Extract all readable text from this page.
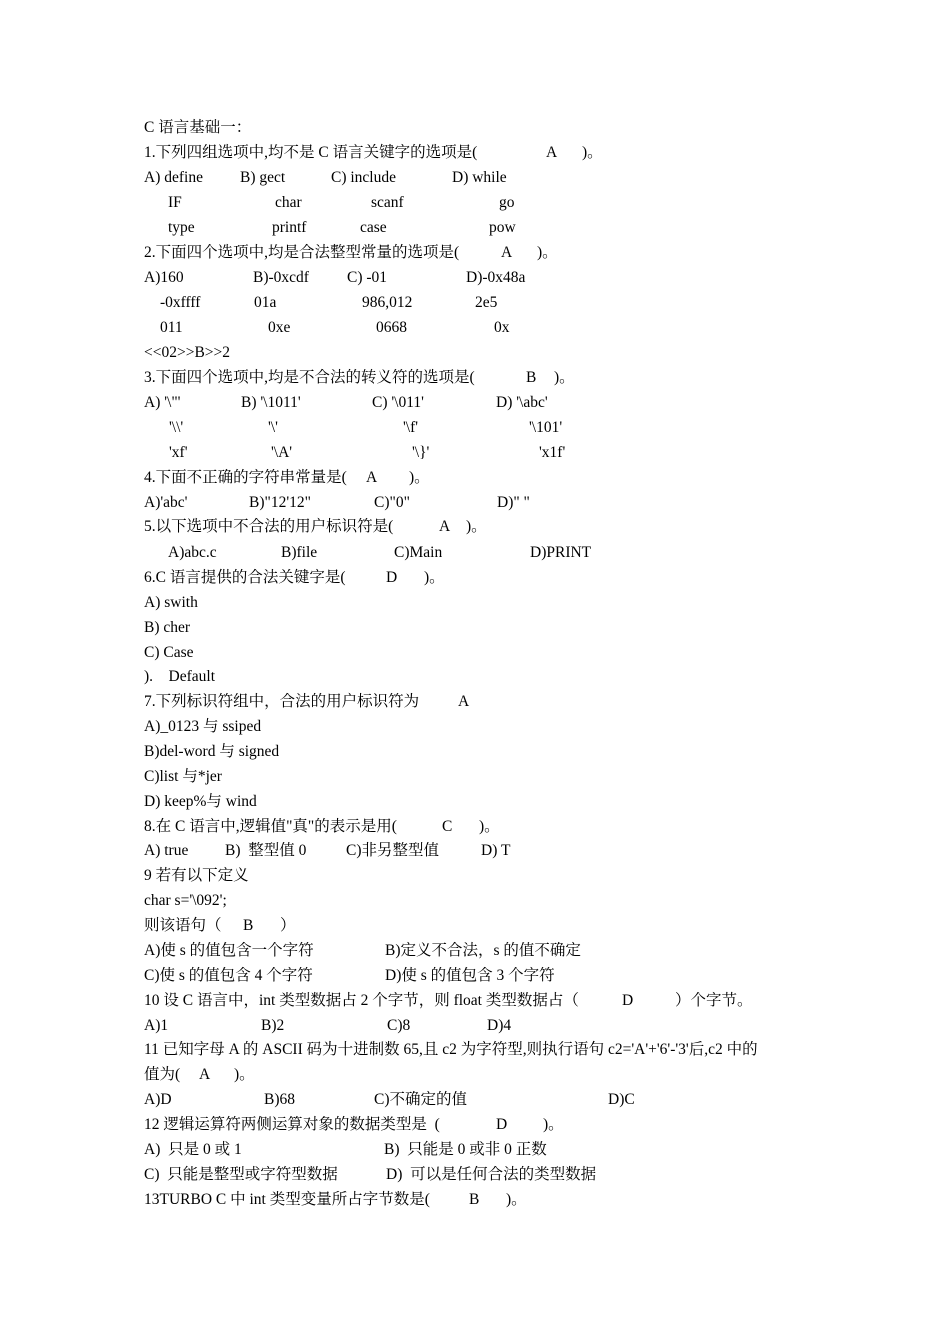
C 语言基础一：
1.下列四组选项中,均不是 C 语言关键字的选项是(	A )。
A) define B) gect	C) include	D) while
IF	char	scanf	go
type	printf	case	pow
2.下面四个选项中,均是合法整型常量的选项是(	A )。
A)160	B)-0xcdf C) -01	D)-0x48a
-0xffff	01a	986,012	2e5
011	0xe	0668	0x
<<02>>B>>2
3.下面四个选项中,均是不合法的转义符的选项是(	B )。
A) '\"'	B) '\1011'	C) '\011'	D) '\abc'
'\\'	'\'	'\f'	'\101'
'xf'	'\A'	'\}'	'x1f'
4.下面不正确的字符串常量是( A )。
A)'abc'	B)"12'12"	C)"0"	D)" "
5.以下选项中不合法的用户标识符是(	A )。
A)abc.c	B)file	C)Main	D)PRINT
6.C 语言提供的合法关键字是(	D )。
A) swith
B) cher
C) Case
).    Default
7.下列标识符组中，合法的用户标识符为	A
A)_0123 与 ssiped
B)del-word 与 signed
C)list 与*jer
D) keep%与 wind
8.在 C 语言中,逻辑值"真"的表示是用(	C )。
A) true B)  整型值 0	C)非另整型值	D) T
9 若有以下定义
char s='\092';
则该语句（ B ）
A)使 s 的值包含一个字符	B)定义不合法，s 的值不确定
C)使 s 的值包含 4 个字符	D)使 s 的值包含 3 个字符
10 设 C 语言中，int 类型数据占 2 个字节，则 float 类型数据占（	D	）个字节。
A)1	B)2	C)8	D)4
11 已知字母 A 的 ASCII 码为十进制数 65,且 c2 为字符型,则执行语句 c2='A'+'6'-'3'后,c2 中的
值为( A )。
A)D	B)68	C)不确定的值	D)C
12 逻辑运算符两侧运算对象的数据类型是  (	D )。
A)  只是 0 或 1	B)  只能是 0 或非 0 正数
C)  只能是整型或字符型数据	D)  可以是任何合法的类型数据
13TURBO C 中 int 类型变量所占字节数是(	B )。
